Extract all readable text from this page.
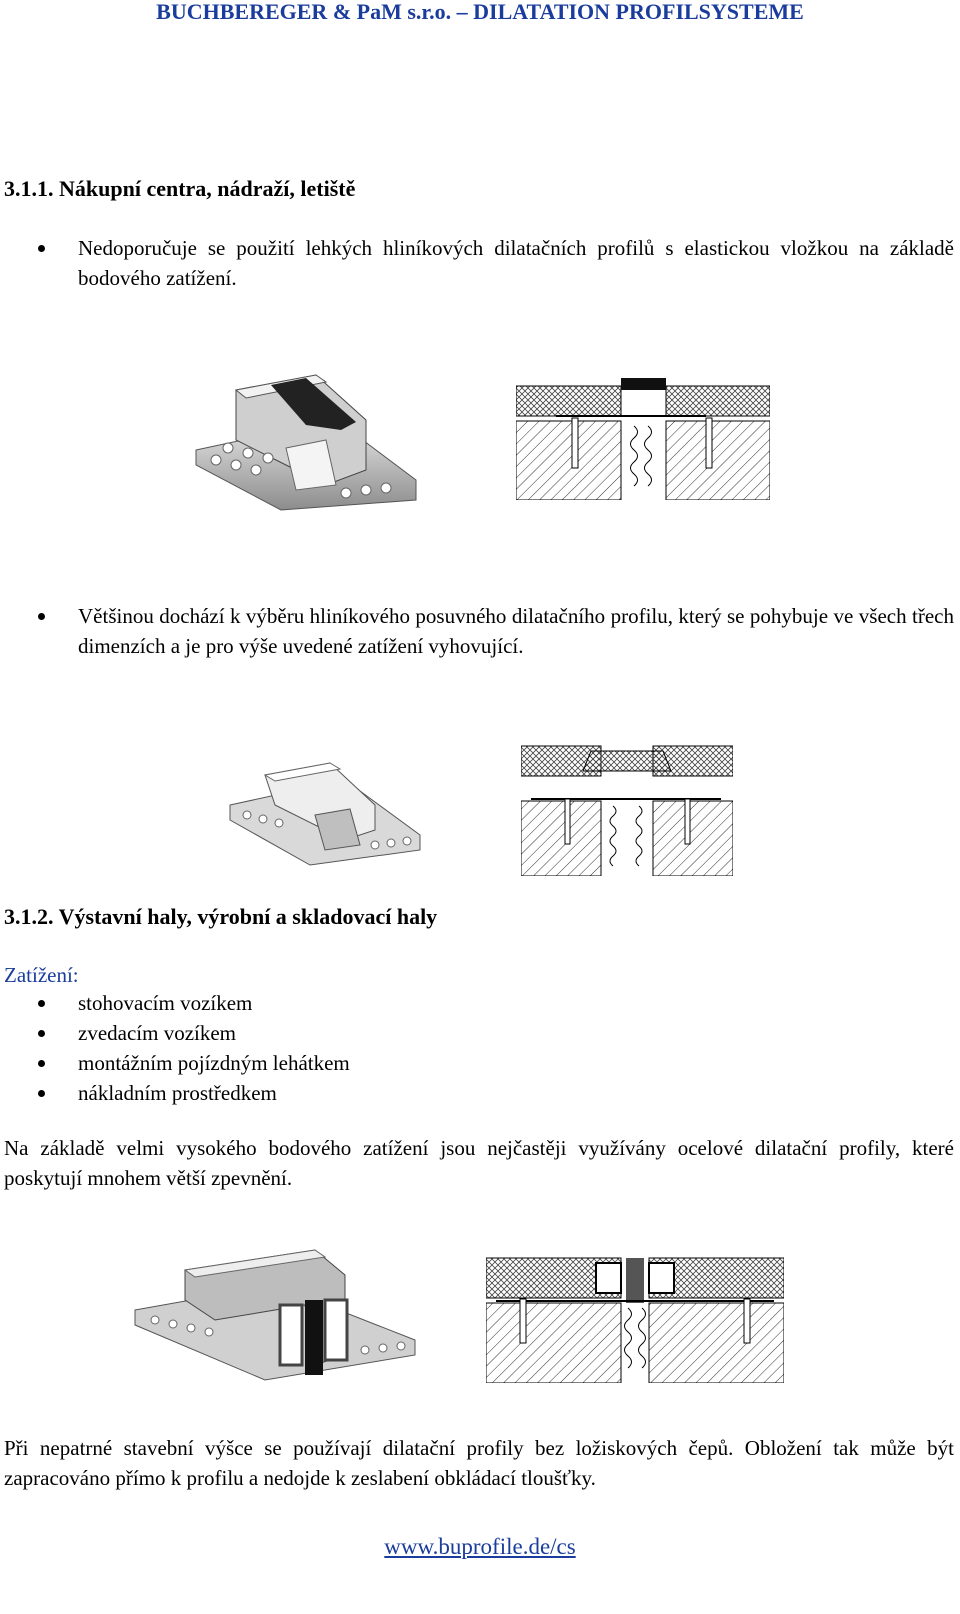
BUCHBEREGER & PaM s.r.o. – DILATATION PROFILSYSTEME
3.1.1. Nákupní centra, nádraží, letiště
Nedoporučuje se použití lehkých hliníkových dilatačních profilů s elastickou vložkou na základě bodového zatížení.
Většinou dochází k výběru hliníkového posuvného dilatačního profilu, který se pohybuje ve všech třech dimenzích a je pro výše uvedené zatížení vyhovující.
3.1.2. Výstavní haly, výrobní a skladovací haly
Zatížení:
stohovacím vozíkem
zvedacím vozíkem
montážním pojízdným lehátkem
nákladním prostředkem
Na základě velmi vysokého bodového zatížení jsou nejčastěji využívány ocelové dilatační profily, které poskytují mnohem větší zpevnění.
Při nepatrné stavební výšce se používají dilatační profily bez ložiskových čepů. Obložení tak může být zapracováno přímo k profilu a nedojde k zeslabení obkládací tloušťky.
www.buprofile.de/cs
